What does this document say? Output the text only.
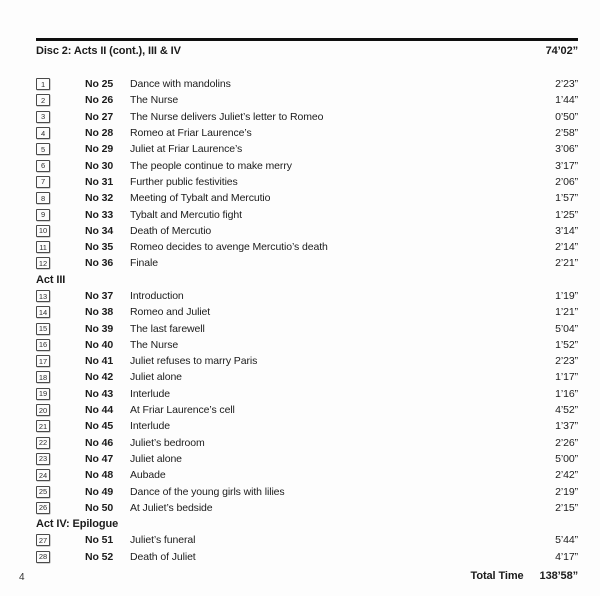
Disc 2: Acts II (cont.), III & IV	74’02”
1	No 25	Dance with mandolins	2’23”
2	No 26	The Nurse	1’44”
3	No 27	The Nurse delivers Juliet’s letter to Romeo	0’50”
4	No 28	Romeo at Friar Laurence’s	2’58”
5	No 29	Juliet at Friar Laurence’s	3’06”
6	No 30	The people continue to make merry	3’17”
7	No 31	Further public festivities	2’06”
8	No 32	Meeting of Tybalt and Mercutio	1’57”
9	No 33	Tybalt and Mercutio fight	1’25”
10	No 34	Death of Mercutio	3’14”
11	No 35	Romeo decides to avenge Mercutio’s death	2’14”
12	No 36	Finale	2’21”
Act III
13	No 37	Introduction	1’19”
14	No 38	Romeo and Juliet	1’21”
15	No 39	The last farewell	5’04”
16	No 40	The Nurse	1’52”
17	No 41	Juliet refuses to marry Paris	2’23”
18	No 42	Juliet alone	1’17”
19	No 43	Interlude	1’16”
20	No 44	At Friar Laurence’s cell	4’52”
21	No 45	Interlude	1’37”
22	No 46	Juliet’s bedroom	2’26”
23	No 47	Juliet alone	5’00”
24	No 48	Aubade	2’42”
25	No 49	Dance of the young girls with lilies	2’19”
26	No 50	At Juliet’s bedside	2’15”
Act IV: Epilogue
27	No 51	Juliet’s funeral	5’44”
28	No 52	Death of Juliet	4’17”
Total Time 138’58”
4
